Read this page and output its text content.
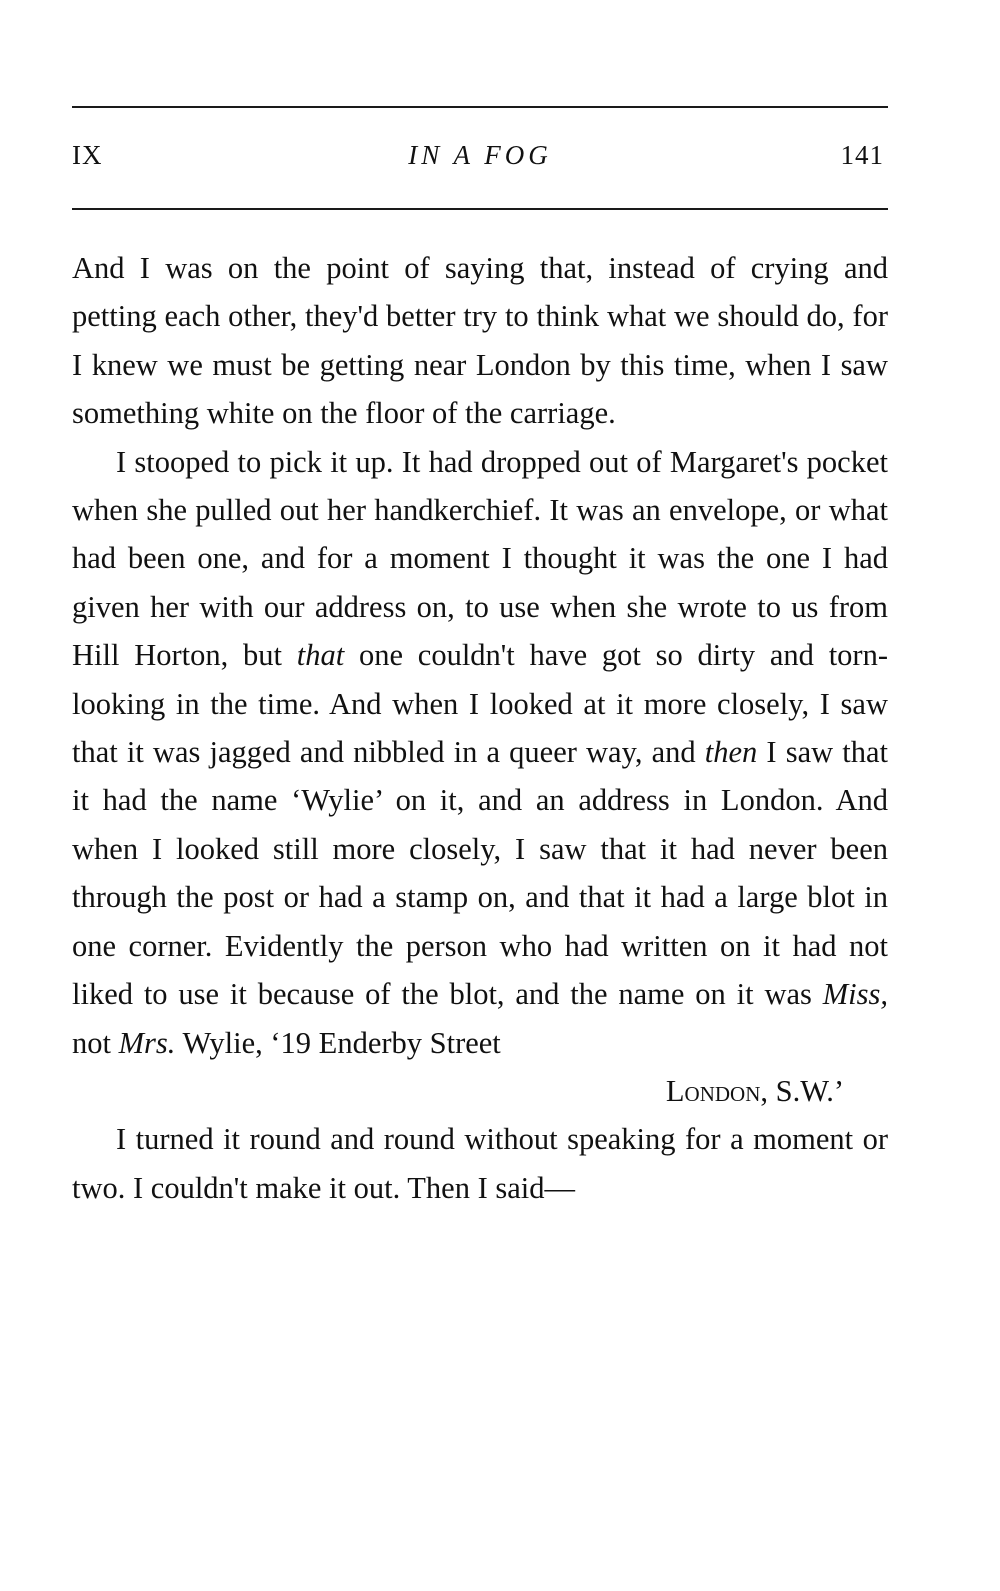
IX	IN A FOG	141

And I was on the point of saying that, instead of crying and petting each other, they'd better try to think what we should do, for I knew we must be getting near London by this time, when I saw something white on the floor of the carriage.

I stooped to pick it up. It had dropped out of Margaret's pocket when she pulled out her handkerchief. It was an envelope, or what had been one, and for a moment I thought it was the one I had given her with our address on, to use when she wrote to us from Hill Horton, but that one couldn't have got so dirty and torn-looking in the time. And when I looked at it more closely, I saw that it was jagged and nibbled in a queer way, and then I saw that it had the name ‘Wylie’ on it, and an address in London. And when I looked still more closely, I saw that it had never been through the post or had a stamp on, and that it had a large blot in one corner. Evidently the person who had written on it had not liked to use it because of the blot, and the name on it was Miss, not Mrs. Wylie, ‘19 Enderby Street

London, S.W.’

I turned it round and round without speaking for a moment or two. I couldn't make it out. Then I said—
